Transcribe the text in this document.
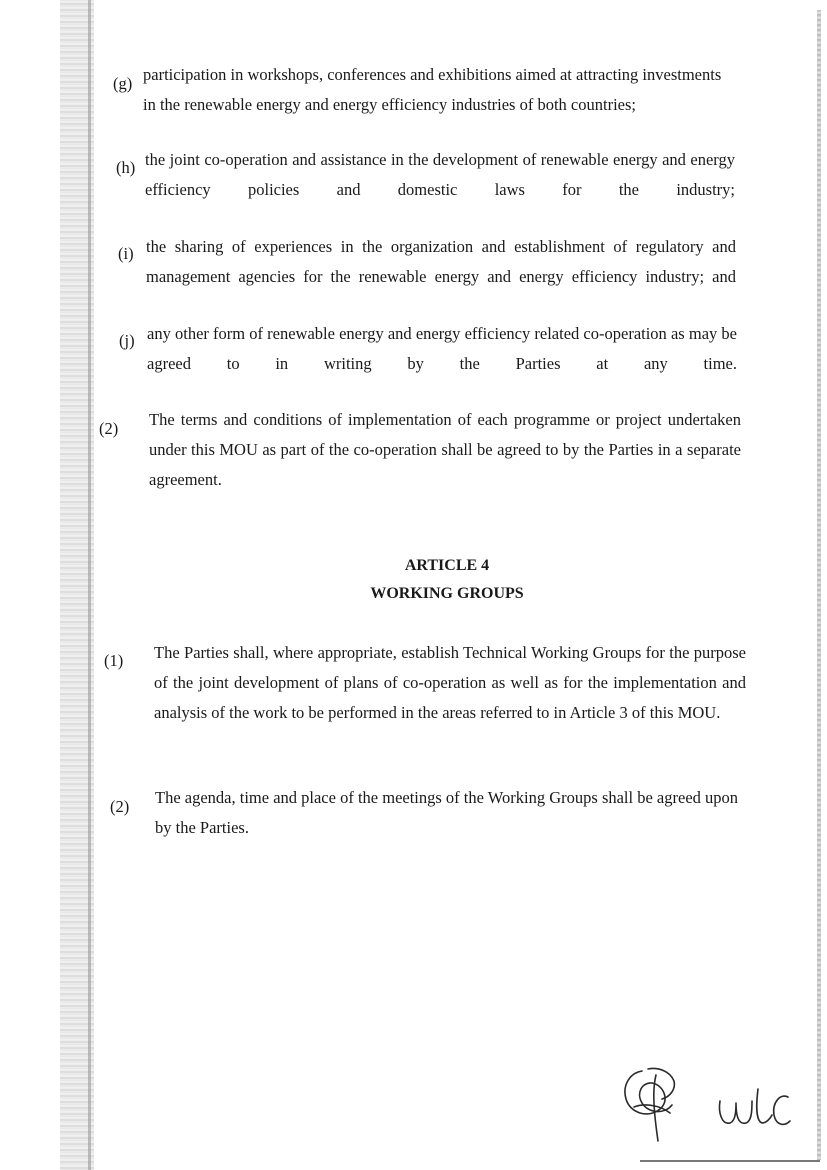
(g) participation in workshops, conferences and exhibitions aimed at attracting investments in the renewable energy and energy efficiency industries of both countries;
(h) the joint co-operation and assistance in the development of renewable energy and energy efficiency policies and domestic laws for the industry;
(i) the sharing of experiences in the organization and establishment of regulatory and management agencies for the renewable energy and energy efficiency industry; and
(j) any other form of renewable energy and energy efficiency related co-operation as may be agreed to in writing by the Parties at any time.
(2) The terms and conditions of implementation of each programme or project undertaken under this MOU as part of the co-operation shall be agreed to by the Parties in a separate agreement.
ARTICLE 4
WORKING GROUPS
(1) The Parties shall, where appropriate, establish Technical Working Groups for the purpose of the joint development of plans of co-operation as well as for the implementation and analysis of the work to be performed in the areas referred to in Article 3 of this MOU.
(2) The agenda, time and place of the meetings of the Working Groups shall be agreed upon by the Parties.
